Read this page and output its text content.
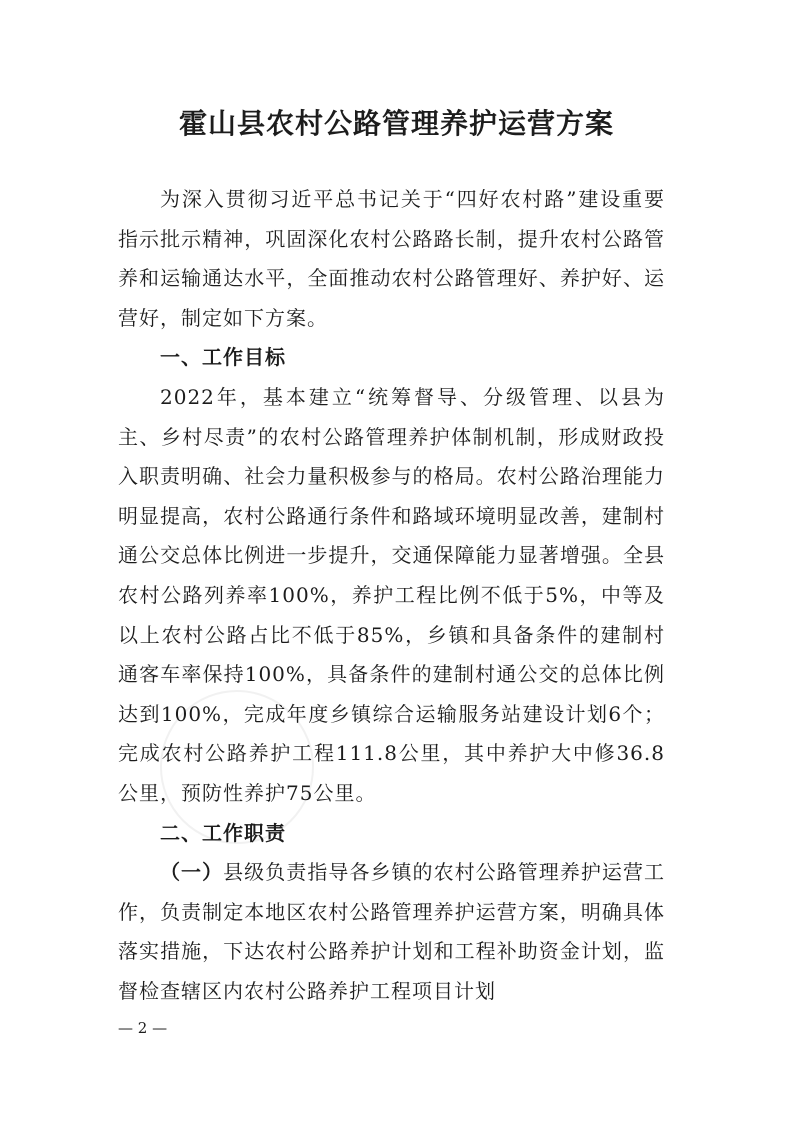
霍山县农村公路管理养护运营方案

为深入贯彻习近平总书记关于“四好农村路”建设重要指示批示精神，巩固深化农村公路路长制，提升农村公路管养和运输通达水平，全面推动农村公路管理好、养护好、运营好，制定如下方案。

一、工作目标

2022年，基本建立“统筹督导、分级管理、以县为主、乡村尽责”的农村公路管理养护体制机制，形成财政投入职责明确、社会力量积极参与的格局。农村公路治理能力明显提高，农村公路通行条件和路域环境明显改善，建制村通公交总体比例进一步提升，交通保障能力显著增强。全县农村公路列养率100%，养护工程比例不低于5%，中等及以上农村公路占比不低于85%，乡镇和具备条件的建制村通客车率保持100%，具备条件的建制村通公交的总体比例达到100%，完成年度乡镇综合运输服务站建设计划6个；完成农村公路养护工程111.8公里，其中养护大中修36.8公里，预防性养护75公里。

二、工作职责

（一）县级负责指导各乡镇的农村公路管理养护运营工作，负责制定本地区农村公路管理养护运营方案，明确具体落实措施，下达农村公路养护计划和工程补助资金计划，监督检查辖区内农村公路养护工程项目计划

— 2 —
